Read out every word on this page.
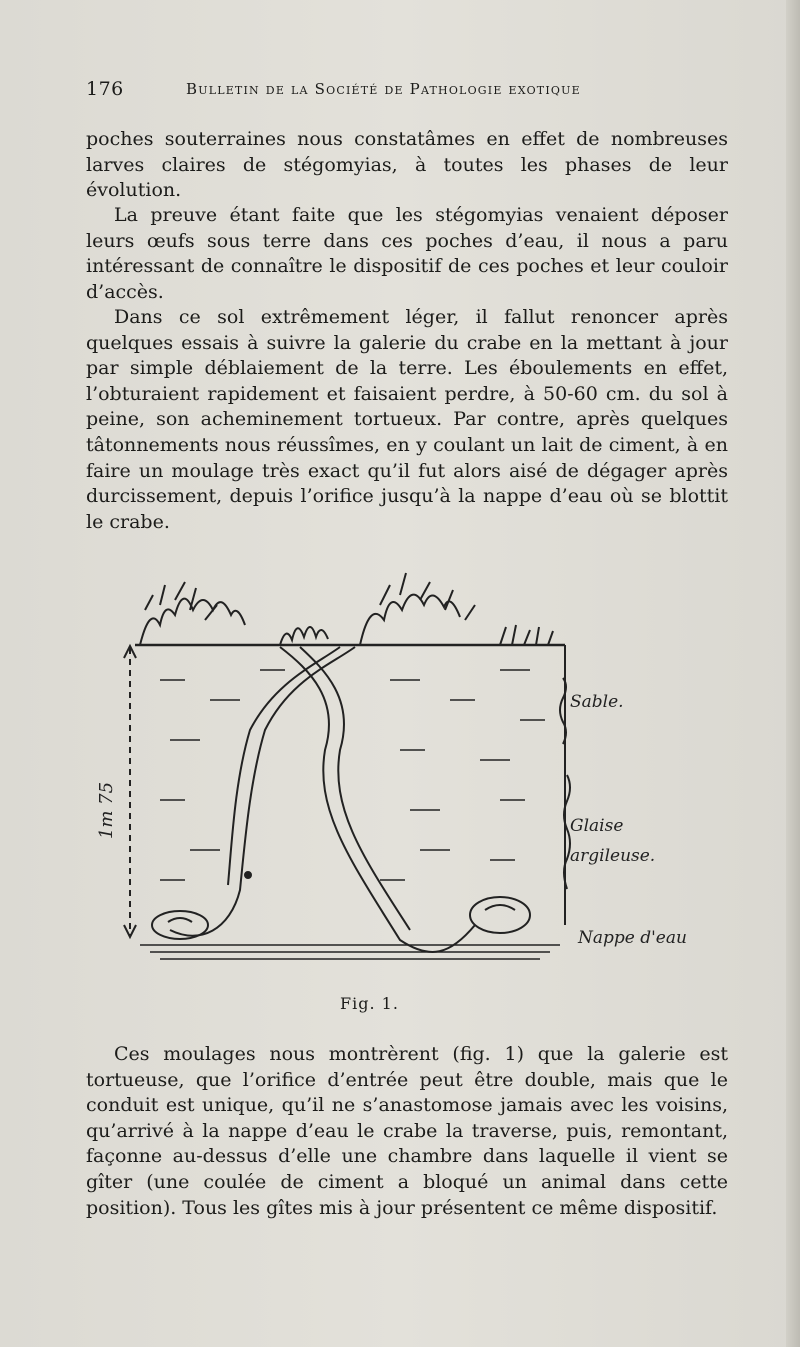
176	Bulletin de la Société de Pathologie exotique

poches souterraines nous constatâmes en effet de nombreuses larves claires de stégomyias, à toutes les phases de leur évolution.

La preuve étant faite que les stégomyias venaient déposer leurs œufs sous terre dans ces poches d’eau, il nous a paru intéressant de connaître le dispositif de ces poches et leur couloir d’accès.

Dans ce sol extrêmement léger, il fallut renoncer après quelques essais à suivre la galerie du crabe en la mettant à jour par simple déblaiement de la terre. Les éboulements en effet, l’obturaient rapidement et faisaient perdre, à 50-60 cm. du sol à peine, son acheminement tortueux. Par contre, après quelques tâtonnements nous réussîmes, en y coulant un lait de ciment, à en faire un moulage très exact qu’il fut alors aisé de dégager après durcissement, depuis l’orifice jusqu’à la nappe d’eau où se blottit le crabe.

Sable.
Glaise
argileuse.
Nappe d'eau
1m 75
Fig. 1.

Ces moulages nous montrèrent (fig. 1) que la galerie est tortueuse, que l’orifice d’entrée peut être double, mais que le conduit est unique, qu’il ne s’anastomose jamais avec les voisins, qu’arrivé à la nappe d’eau le crabe la traverse, puis, remontant, façonne au-dessus d’elle une chambre dans laquelle il vient se gîter (une coulée de ciment a bloqué un animal dans cette position). Tous les gîtes mis à jour présentent ce même dispositif.
